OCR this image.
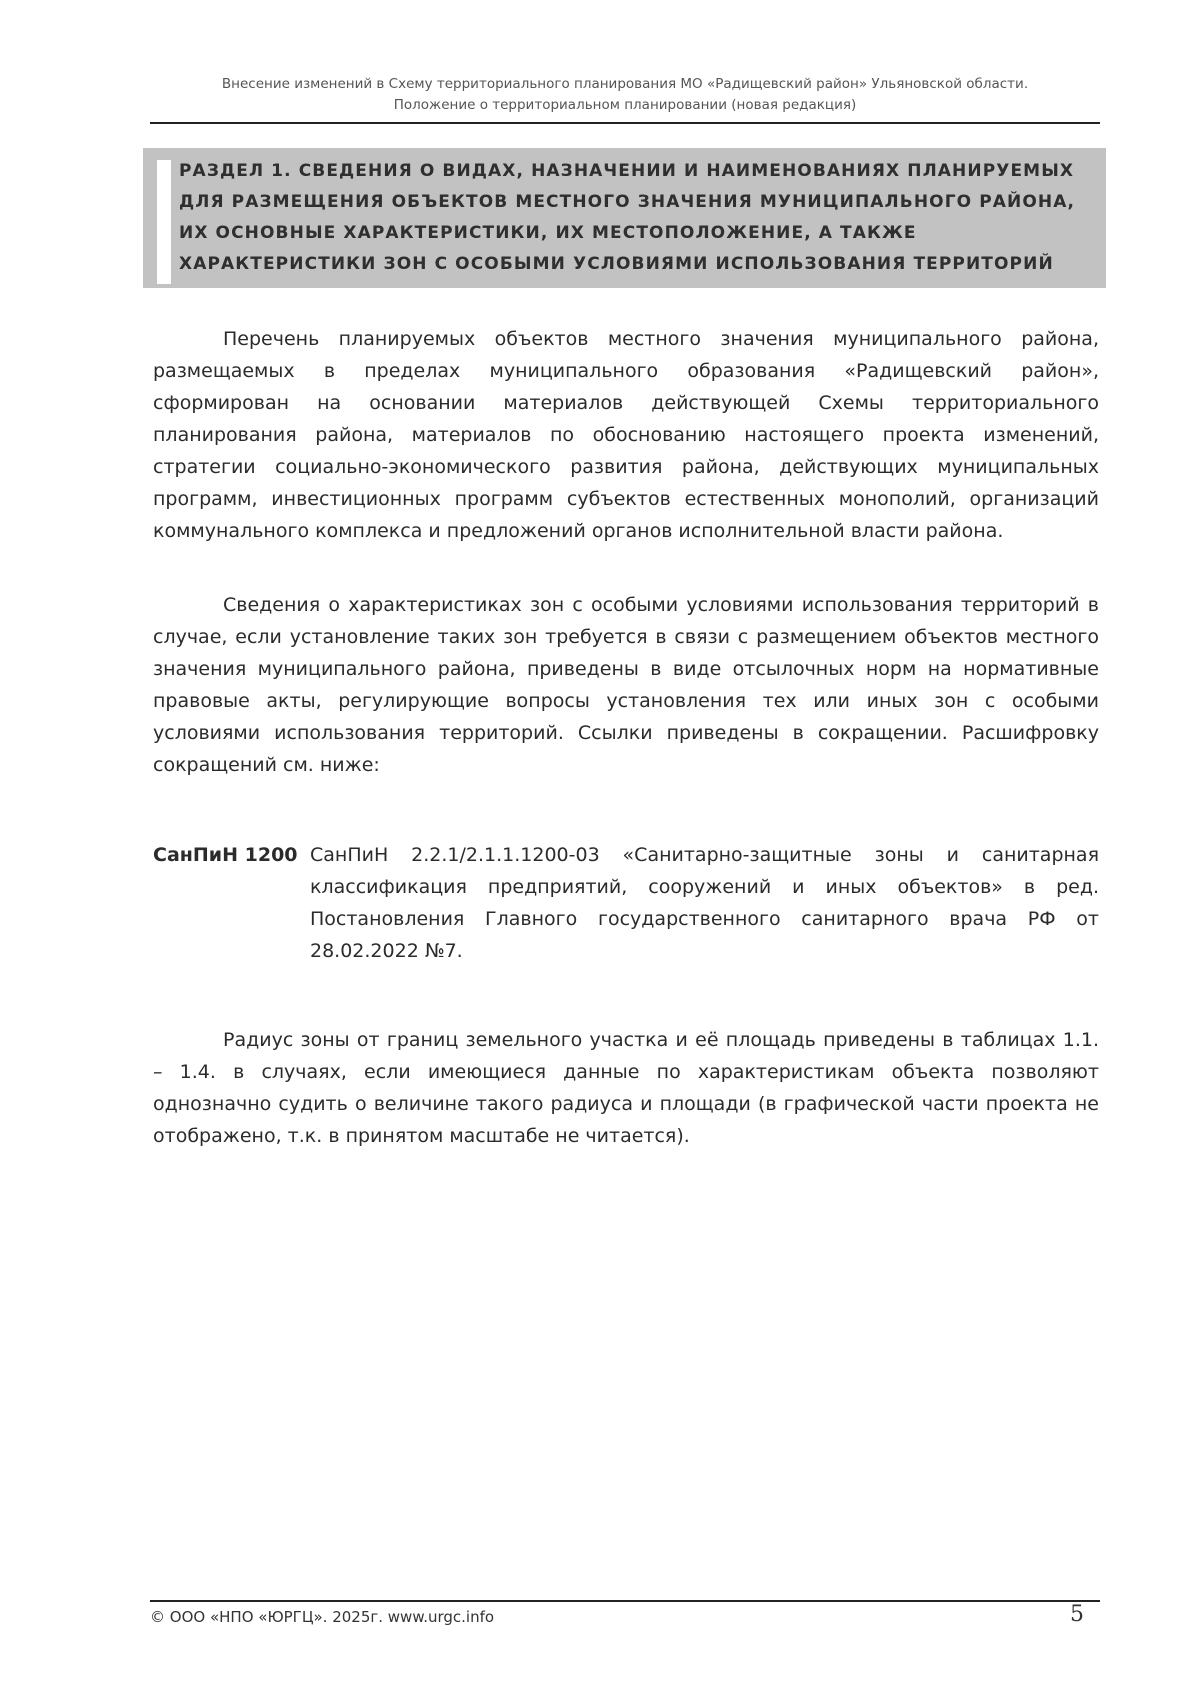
Внесение изменений в Схему территориального планирования МО «Радищевский район» Ульяновской области.
Положение о территориальном планировании (новая редакция)
РАЗДЕЛ 1. СВЕДЕНИЯ О ВИДАХ, НАЗНАЧЕНИИ И НАИМЕНОВАНИЯХ ПЛАНИРУЕМЫХ ДЛЯ РАЗМЕЩЕНИЯ ОБЪЕКТОВ МЕСТНОГО ЗНАЧЕНИЯ МУНИЦИПАЛЬНОГО РАЙОНА, ИХ ОСНОВНЫЕ ХАРАКТЕРИСТИКИ, ИХ МЕСТОПОЛОЖЕНИЕ, А ТАКЖЕ ХАРАКТЕРИСТИКИ ЗОН С ОСОБЫМИ УСЛОВИЯМИ ИСПОЛЬЗОВАНИЯ ТЕРРИТОРИЙ
Перечень планируемых объектов местного значения муниципального района, размещаемых в пределах муниципального образования «Радищевский район», сформирован на основании материалов действующей Схемы территориального планирования района, материалов по обоснованию настоящего проекта изменений, стратегии социально-экономического развития района, действующих муниципальных программ, инвестиционных программ субъектов естественных монополий, организаций коммунального комплекса и предложений органов исполнительной власти района.
Сведения о характеристиках зон с особыми условиями использования территорий в случае, если установление таких зон требуется в связи с размещением объектов местного значения муниципального района, приведены в виде отсылочных норм на нормативные правовые акты, регулирующие вопросы установления тех или иных зон с особыми условиями использования территорий. Ссылки приведены в сокращении. Расшифровку сокращений см. ниже:
СанПиН 1200 СанПиН 2.2.1/2.1.1.1200-03 «Санитарно-защитные зоны и санитарная классификация предприятий, сооружений и иных объектов» в ред. Постановления Главного государственного санитарного врача РФ от 28.02.2022 №7.
Радиус зоны от границ земельного участка и её площадь приведены в таблицах 1.1. – 1.4. в случаях, если имеющиеся данные по характеристикам объекта позволяют однозначно судить о величине такого радиуса и площади (в графической части проекта не отображено, т.к. в принятом масштабе не читается).
© ООО «НПО «ЮРГЦ». 2025г. www.urgc.info	5
